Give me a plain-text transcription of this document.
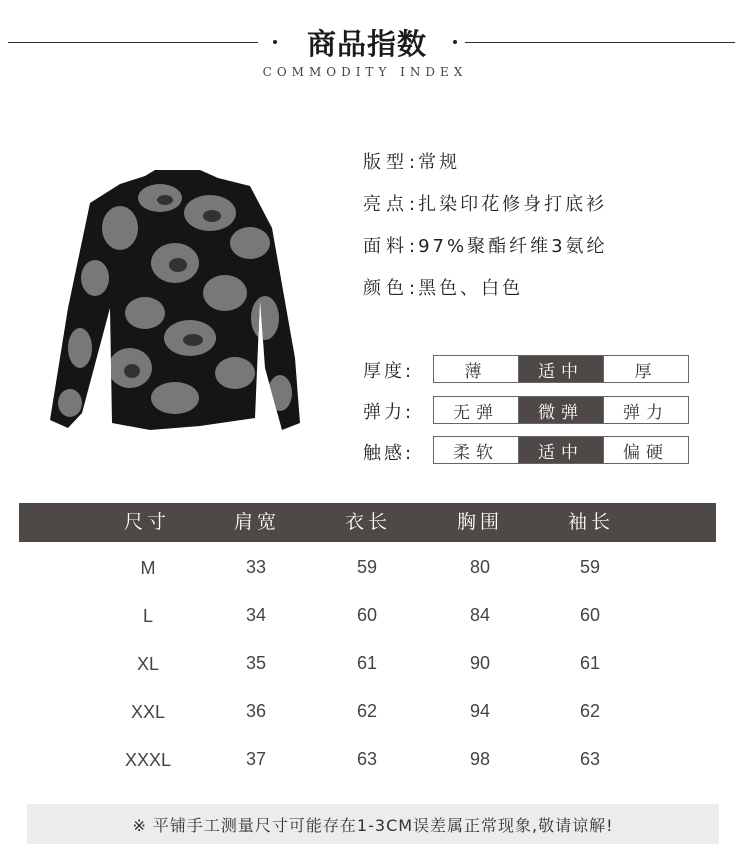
商品指数
COMMODITY INDEX
版型:常规
亮点:扎染印花修身打底衫
面料:97%聚酯纤维3氨纶
颜色:黑色、白色
厚度:	薄	适中	厚
弹力:	无弹	微弹	弹力
触感:	柔软	适中	偏硬
尺寸	肩宽	衣长	胸围	袖长
M	33	59	80	59
L	34	60	84	60
XL	35	61	90	61
XXL	36	62	94	62
XXXL	37	63	98	63
※ 平铺手工测量尺寸可能存在1-3CM误差属正常现象,敬请谅解!
